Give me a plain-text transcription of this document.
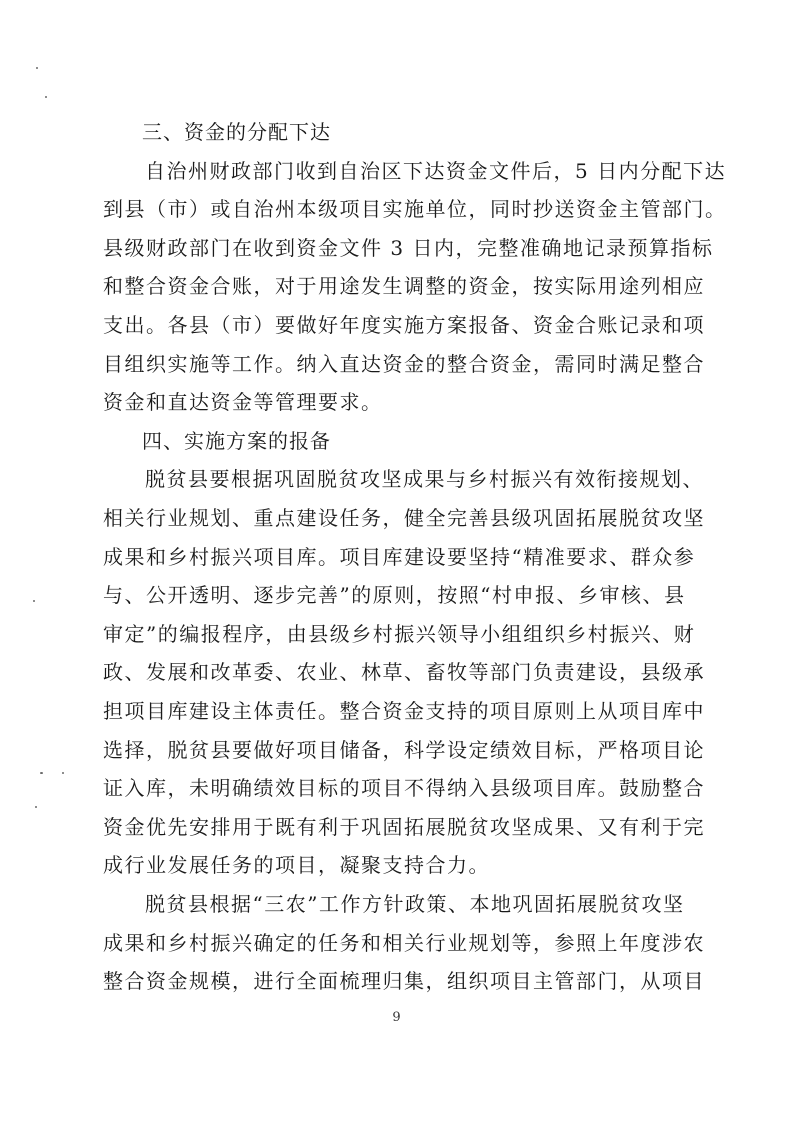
三、资金的分配下达
自治州财政部门收到自治区下达资金文件后，5 日内分配下达
到县（市）或自治州本级项目实施单位，同时抄送资金主管部门。
县级财政部门在收到资金文件 3 日内，完整准确地记录预算指标
和整合资金合账，对于用途发生调整的资金，按实际用途列相应
支出。各县（市）要做好年度实施方案报备、资金合账记录和项
目组织实施等工作。纳入直达资金的整合资金，需同时满足整合
资金和直达资金等管理要求。
四、实施方案的报备
脱贫县要根据巩固脱贫攻坚成果与乡村振兴有效衔接规划、
相关行业规划、重点建设任务，健全完善县级巩固拓展脱贫攻坚
成果和乡村振兴项目库。项目库建设要坚持“精准要求、群众参
与、公开透明、逐步完善”的原则，按照“村申报、乡审核、县
审定”的编报程序，由县级乡村振兴领导小组组织乡村振兴、财
政、发展和改革委、农业、林草、畜牧等部门负责建设，县级承
担项目库建设主体责任。整合资金支持的项目原则上从项目库中
选择，脱贫县要做好项目储备，科学设定绩效目标，严格项目论
证入库，未明确绩效目标的项目不得纳入县级项目库。鼓励整合
资金优先安排用于既有利于巩固拓展脱贫攻坚成果、又有利于完
成行业发展任务的项目，凝聚支持合力。
9
脱贫县根据“三农”工作方针政策、本地巩固拓展脱贫攻坚
成果和乡村振兴确定的任务和相关行业规划等，参照上年度涉农
整合资金规模，进行全面梳理归集，组织项目主管部门，从项目
